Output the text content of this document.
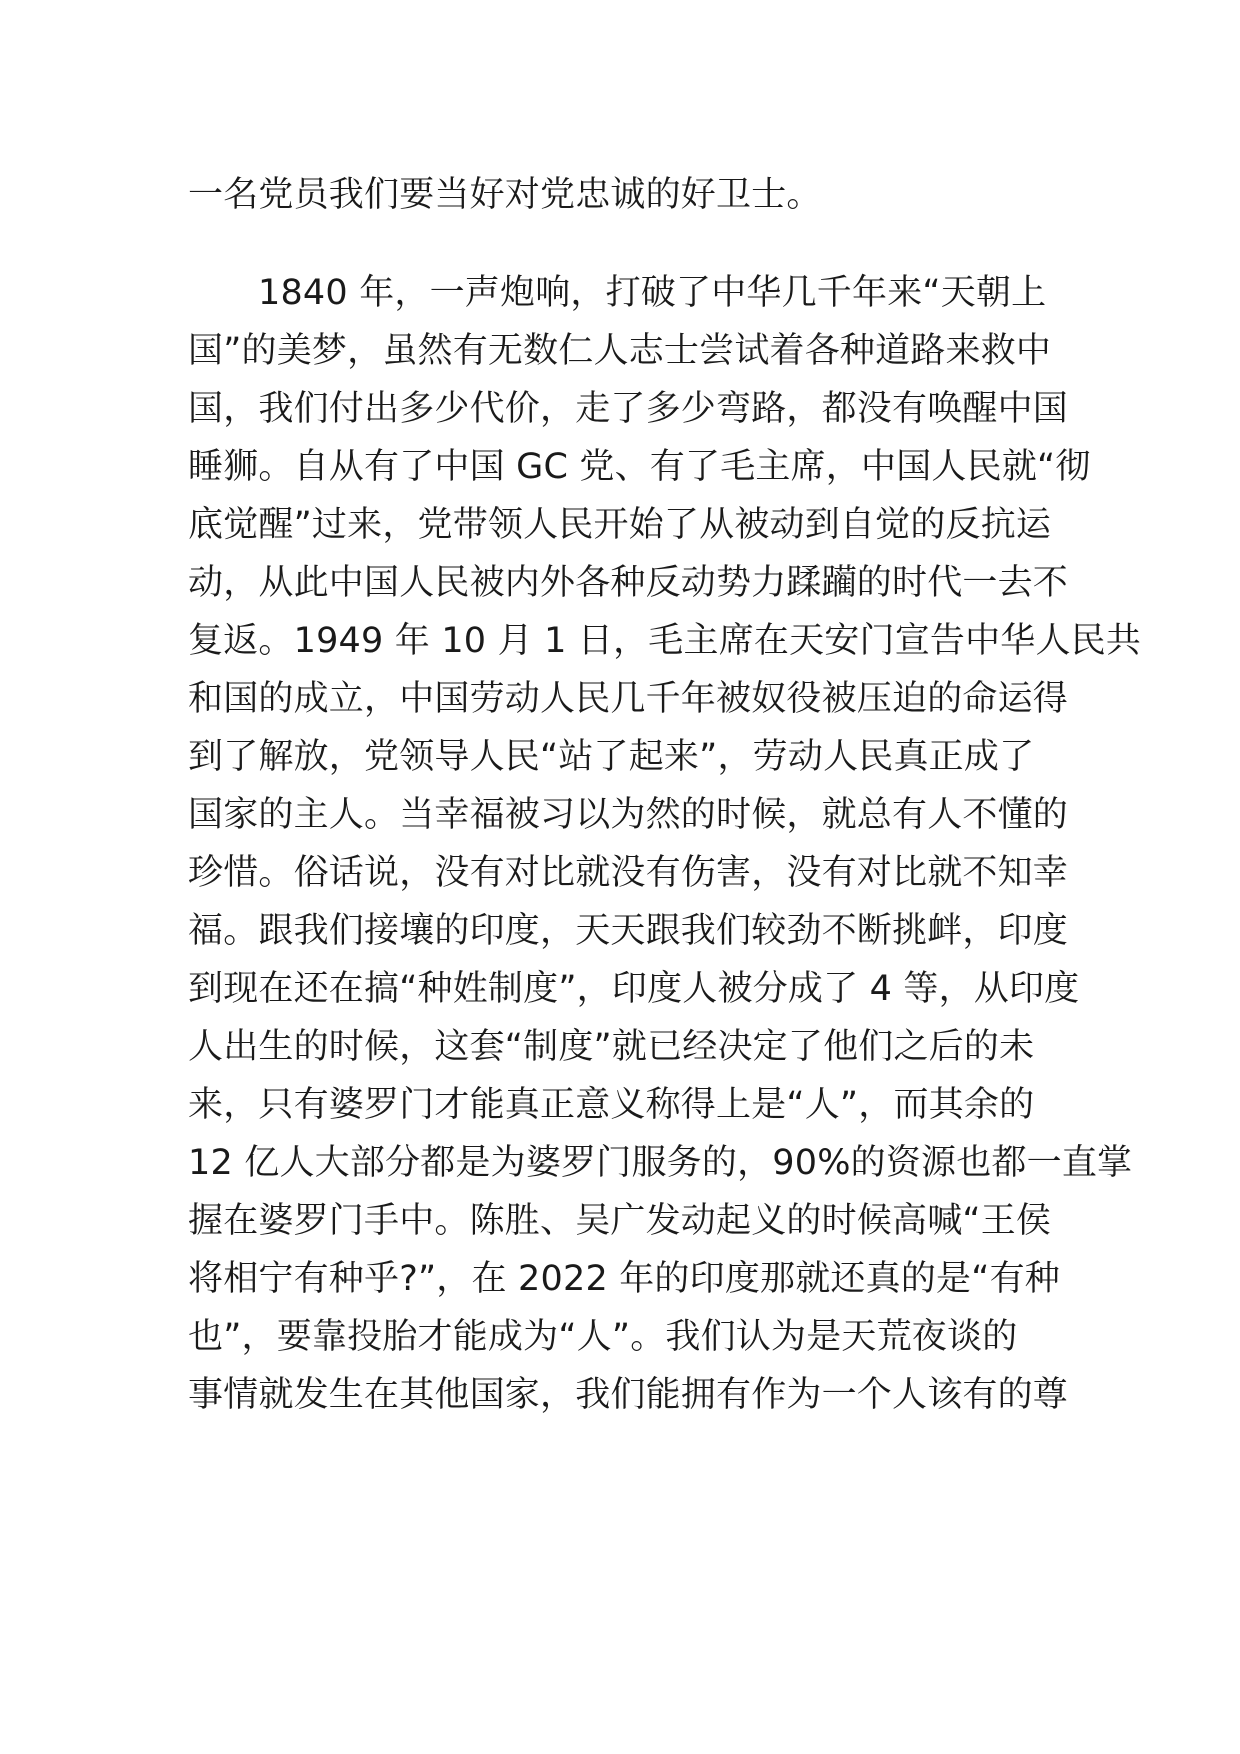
一名党员我们要当好对党忠诚的好卫士。
1840 年，一声炮响，打破了中华几千年来“天朝上
国”的美梦，虽然有无数仁人志士尝试着各种道路来救中
国，我们付出多少代价，走了多少弯路，都没有唤醒中国
睡狮。自从有了中国 GC 党、有了毛主席，中国人民就“彻
底觉醒”过来，党带领人民开始了从被动到自觉的反抗运
动，从此中国人民被内外各种反动势力蹂躏的时代一去不
复返。1949 年 10 月 1 日，毛主席在天安门宣告中华人民共
和国的成立，中国劳动人民几千年被奴役被压迫的命运得
到了解放，党领导人民“站了起来”，劳动人民真正成了
国家的主人。当幸福被习以为然的时候，就总有人不懂的
珍惜。俗话说，没有对比就没有伤害，没有对比就不知幸
福。跟我们接壤的印度，天天跟我们较劲不断挑衅，印度
到现在还在搞“种姓制度”，印度人被分成了 4 等，从印度
人出生的时候，这套“制度”就已经决定了他们之后的未
来，只有婆罗门才能真正意义称得上是“人”，而其余的
12 亿人大部分都是为婆罗门服务的，90%的资源也都一直掌
握在婆罗门手中。陈胜、吴广发动起义的时候高喊“王侯
将相宁有种乎?”，在 2022 年的印度那就还真的是“有种
也”，要靠投胎才能成为“人”。我们认为是天荒夜谈的
事情就发生在其他国家，我们能拥有作为一个人该有的尊
